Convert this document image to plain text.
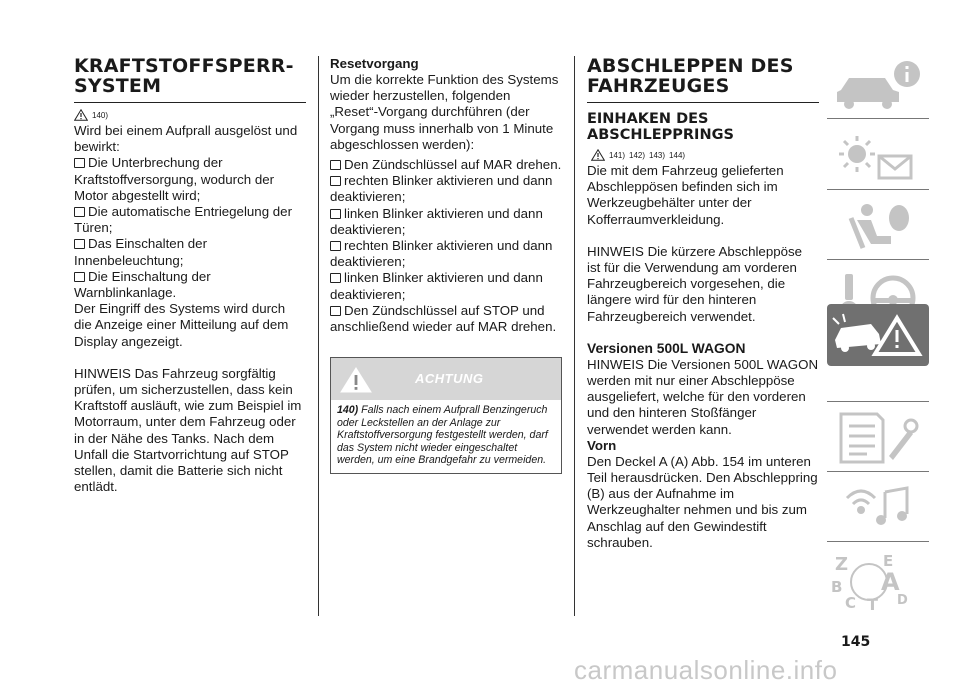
KRAFTSTOFFSPERR-SYSTEM
140)

Wird bei einem Aufprall ausgelöst und bewirkt:

Die Unterbrechung der Kraftstoffversorgung, wodurch der Motor abgestellt wird;

Die automatische Entriegelung der Türen;

Das Einschalten der Innenbeleuchtung;

Die Einschaltung der Warnblinkanlage.

Der Eingriff des Systems wird durch die Anzeige einer Mitteilung auf dem Display angezeigt.

HINWEIS Das Fahrzeug sorgfältig prüfen, um sicherzustellen, dass kein Kraftstoff ausläuft, wie zum Beispiel im Motorraum, unter dem Fahrzeug oder in der Nähe des Tanks. Nach dem Unfall die Startvorrichtung auf STOP stellen, damit die Batterie sich nicht entlädt.

Resetvorgang

Um die korrekte Funktion des Systems wieder herzustellen, folgenden „Reset“-Vorgang durchführen (der Vorgang muss innerhalb von 1 Minute abgeschlossen werden):

Den Zündschlüssel auf MAR drehen.

rechten Blinker aktivieren und dann deaktivieren;

linken Blinker aktivieren und dann deaktivieren;

rechten Blinker aktivieren und dann deaktivieren;

linken Blinker aktivieren und dann deaktivieren;

Den Zündschlüssel auf STOP und anschließend wieder auf MAR drehen.

ACHTUNG
140) Falls nach einem Aufprall Benzingeruch oder Leckstellen an der Anlage zur Kraftstoffversorgung festgestellt werden, darf das System nicht wieder eingeschaltet werden, um eine Brandgefahr zu vermeiden.
ABSCHLEPPEN DES FAHRZEUGES
EINHAKEN DES ABSCHLEPPRINGS
141) 142) 143) 144)

Die mit dem Fahrzeug gelieferten Abschleppösen befinden sich im Werkzeugbehälter unter der Kofferraumverkleidung.

HINWEIS Die kürzere Abschleppöse ist für die Verwendung am vorderen Fahrzeugbereich vorgesehen, die längere wird für den hinteren Fahrzeugbereich verwendet.

Versionen 500L WAGON

HINWEIS Die Versionen 500L WAGON werden mit nur einer Abschleppöse ausgeliefert, welche für den vorderen und den hinteren Stoßfänger verwendet werden kann.

Vorn

Den Deckel A (A) Abb. 154 im unteren Teil herausdrücken. Den Abschleppring (B) aus der Aufnahme im Werkzeughalter nehmen und bis zum Anschlag auf den Gewindestift schrauben.

Z E
B A
C T D
145
carmanualsonline.info
